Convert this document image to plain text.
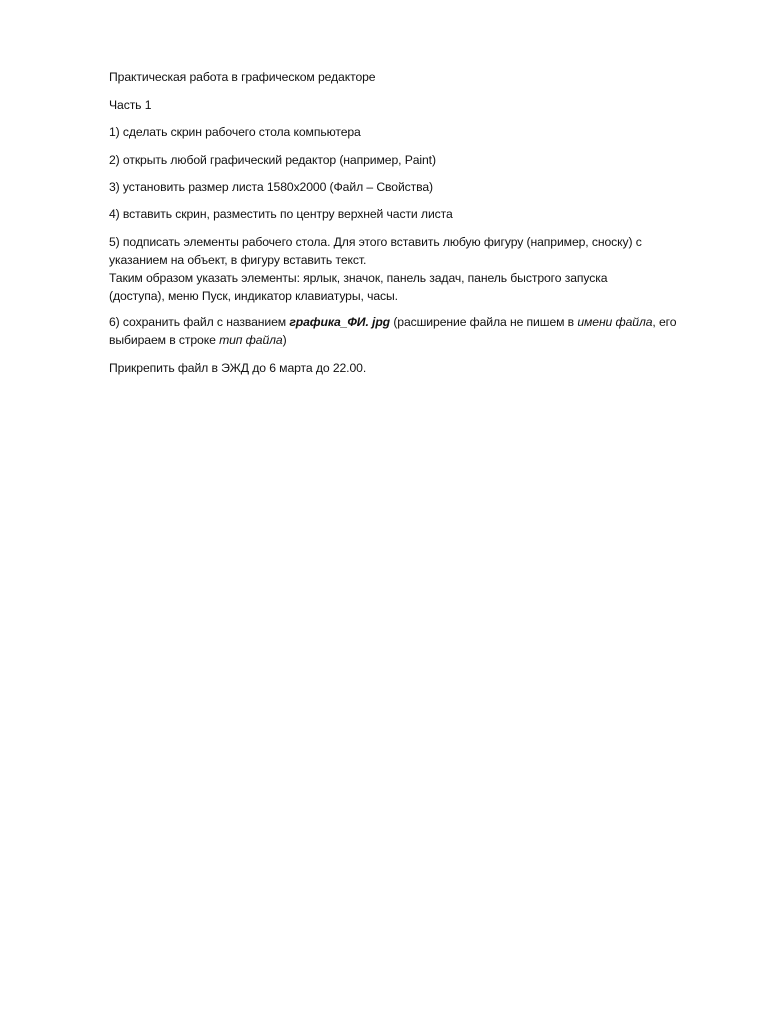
Практическая работа в графическом редакторе

Часть 1

1) сделать скрин рабочего стола компьютера

2) открыть любой графический редактор (например, Paint)

3) установить размер листа 1580х2000 (Файл – Свойства)

4) вставить скрин, разместить по центру верхней части листа

5) подписать элементы рабочего стола. Для этого вставить любую фигуру (например, сноску) с
указанием на объект, в фигуру вставить текст.
Таким образом указать элементы: ярлык, значок, панель задач, панель быстрого запуска
(доступа), меню Пуск, индикатор клавиатуры, часы.

6) сохранить файл с названием графика_ФИ. jpg (расширение файла не пишем в имени файла, его
выбираем в строке тип файла)

Прикрепить файл в ЭЖД до 6 марта до 22.00.
